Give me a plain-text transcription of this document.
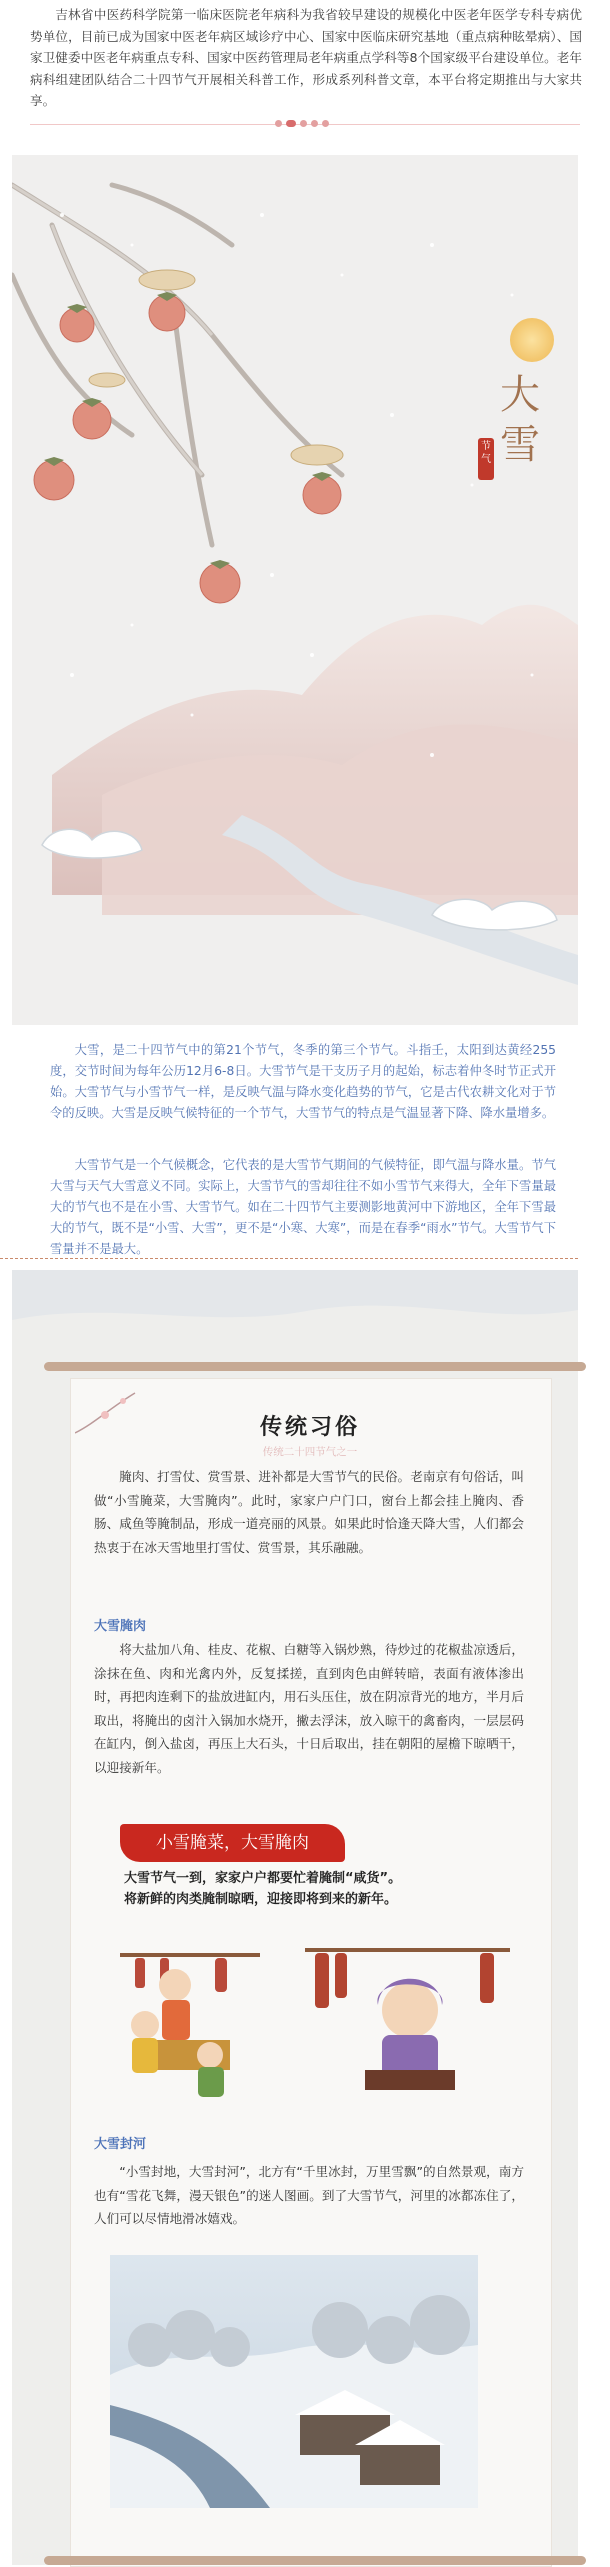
吉林省中医药科学院第一临床医院老年病科为我省较早建设的规模化中医老年医学专科专病优势单位，目前已成为国家中医老年病区域诊疗中心、国家中医临床研究基地（重点病种眩晕病）、国家卫健委中医老年病重点专科、国家中医药管理局老年病重点学科等8个国家级平台建设单位。老年病科组建团队结合二十四节气开展相关科普工作，形成系列科普文章，本平台将定期推出与大家共享。
大
雪
节气
大雪，是二十四节气中的第21个节气，冬季的第三个节气。斗指壬，太阳到达黄经255度，交节时间为每年公历12月6-8日。大雪节气是干支历子月的起始，标志着仲冬时节正式开始。大雪节气与小雪节气一样，是反映气温与降水变化趋势的节气，它是古代农耕文化对于节令的反映。大雪是反映气候特征的一个节气，大雪节气的特点是气温显著下降、降水量增多。
大雪节气是一个气候概念，它代表的是大雪节气期间的气候特征，即气温与降水量。节气大雪与天气大雪意义不同。实际上，大雪节气的雪却往往不如小雪节气来得大，全年下雪量最大的节气也不是在小雪、大雪节气。如在二十四节气主要测影地黄河中下游地区，全年下雪最大的节气，既不是“小雪、大雪”，更不是“小寒、大寒”，而是在春季“雨水”节气。大雪节气下雪量并不是最大。
传统习俗
传统二十四节气之一
腌肉、打雪仗、赏雪景、进补都是大雪节气的民俗。老南京有句俗话，叫做“小雪腌菜，大雪腌肉”。此时，家家户户门口，窗台上都会挂上腌肉、香肠、咸鱼等腌制品，形成一道亮丽的风景。如果此时恰逢天降大雪，人们都会热衷于在冰天雪地里打雪仗、赏雪景，其乐融融。
大雪腌肉
将大盐加八角、桂皮、花椒、白糖等入锅炒熟，待炒过的花椒盐凉透后，涂抹在鱼、肉和光禽内外，反复揉搓，直到肉色由鲜转暗，表面有液体渗出时，再把肉连剩下的盐放进缸内，用石头压住，放在阴凉背光的地方，半月后取出，将腌出的卤汁入锅加水烧开，撇去浮沫，放入晾干的禽畜肉，一层层码在缸内，倒入盐卤，再压上大石头，十日后取出，挂在朝阳的屋檐下晾晒干，以迎接新年。
小雪腌菜，大雪腌肉
大雪节气一到，家家户户都要忙着腌制“咸货”。
将新鲜的肉类腌制晾晒，迎接即将到来的新年。
大雪封河
“小雪封地，大雪封河”，北方有“千里冰封，万里雪飘”的自然景观，南方也有“雪花飞舞，漫天银色”的迷人图画。到了大雪节气，河里的冰都冻住了，人们可以尽情地滑冰嬉戏。
